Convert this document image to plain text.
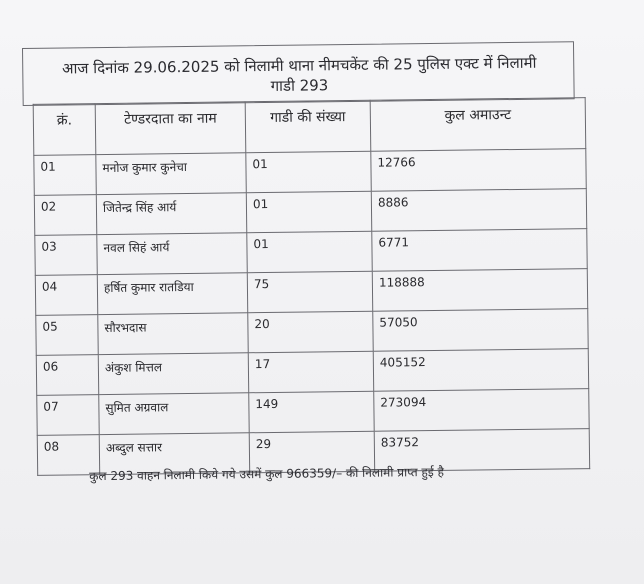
आज दिनांक 29.06.2025 को निलामी थाना नीमचकेंट की 25 पुलिस एक्ट में निलामी
गाडी 293
क्रं.	टेण्डरदाता का नाम	गाडी की संख्या	कुल अमाउन्ट
01	मनोज कुमार कुनेचा	01	12766
02	जितेन्द्र सिंह आर्य	01	8886
03	नवल सिहं आर्य	01	6771
04	हर्षित कुमार रातडिया	75	118888
05	सौरभदास	20	57050
06	अंकुश मित्तल	17	405152
07	सुमित अग्रवाल	149	273094
08	अब्दुल सत्तार	29	83752
कुल 293 वाहन निलामी किये गये उसमें कुल 966359/– की निलामी प्राप्त हुई है
